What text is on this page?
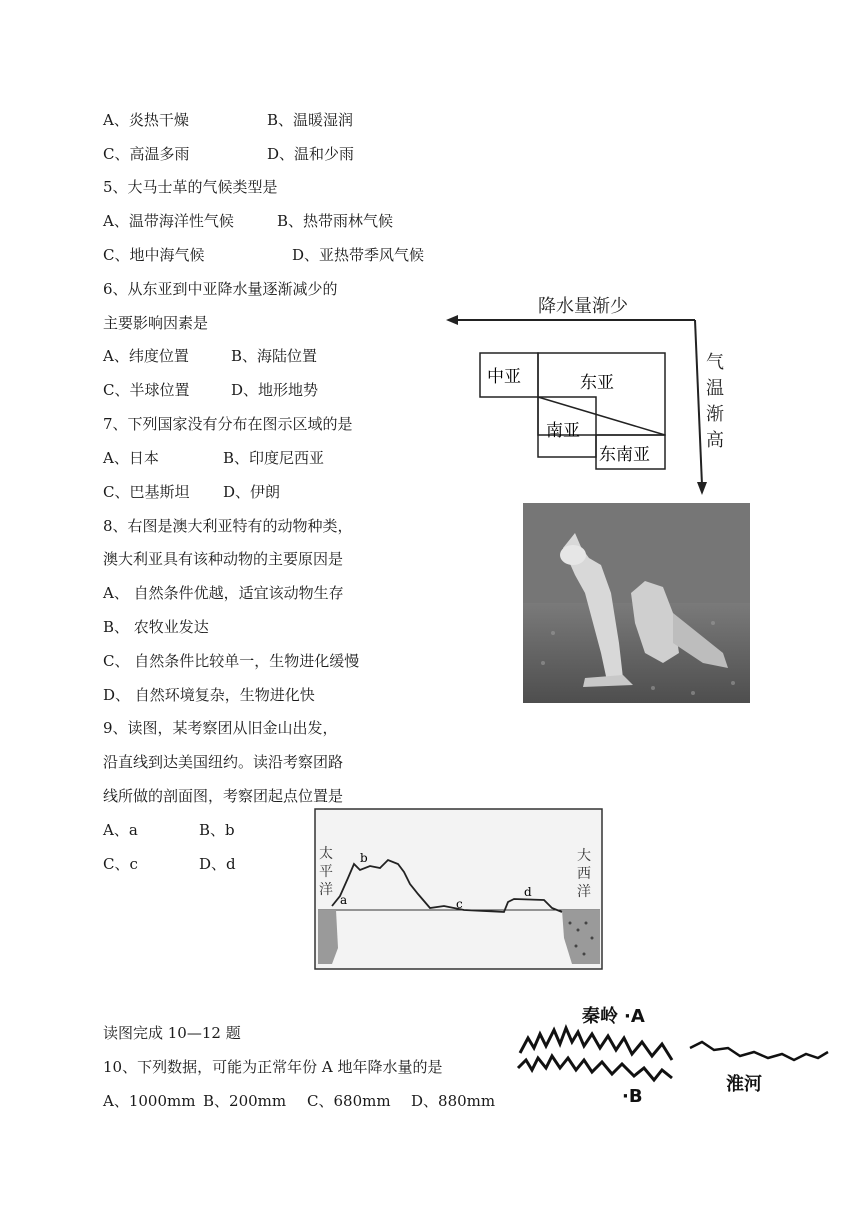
A、炎热干燥	B、温暖湿润
C、高温多雨	D、温和少雨
5、大马士革的气候类型是
A、温带海洋性气候	B、热带雨林气候
C、地中海气候	D、亚热带季风气候
6、从东亚到中亚降水量逐渐减少的
主要影响因素是
A、纬度位置	B、海陆位置
C、半球位置	D、地形地势
7、下列国家没有分布在图示区域的是
A、日本	B、印度尼西亚
C、巴基斯坦 D、伊朗
8、右图是澳大利亚特有的动物种类，
澳大利亚具有该种动物的主要原因是
A、 自然条件优越，适宜该动物生存
B、 农牧业发达
C、 自然条件比较单一，生物进化缓慢
D、 自然环境复杂，生物进化快
9、读图，某考察团从旧金山出发，
沿直线到达美国纽约。读沿考察团路
线所做的剖面图，考察团起点位置是
A、a	B、b
C、c	D、d
读图完成 10—12 题
10、下列数据，可能为正常年份 A 地年降水量的是
A、1000mm B、200mm C、680mm D、880mm
降水量渐少
气 温 渐 高
中亚	东亚
南亚
东南亚
太 平 洋
大 西 洋
a
b
c
d
秦岭 ·A
·B
淮河
